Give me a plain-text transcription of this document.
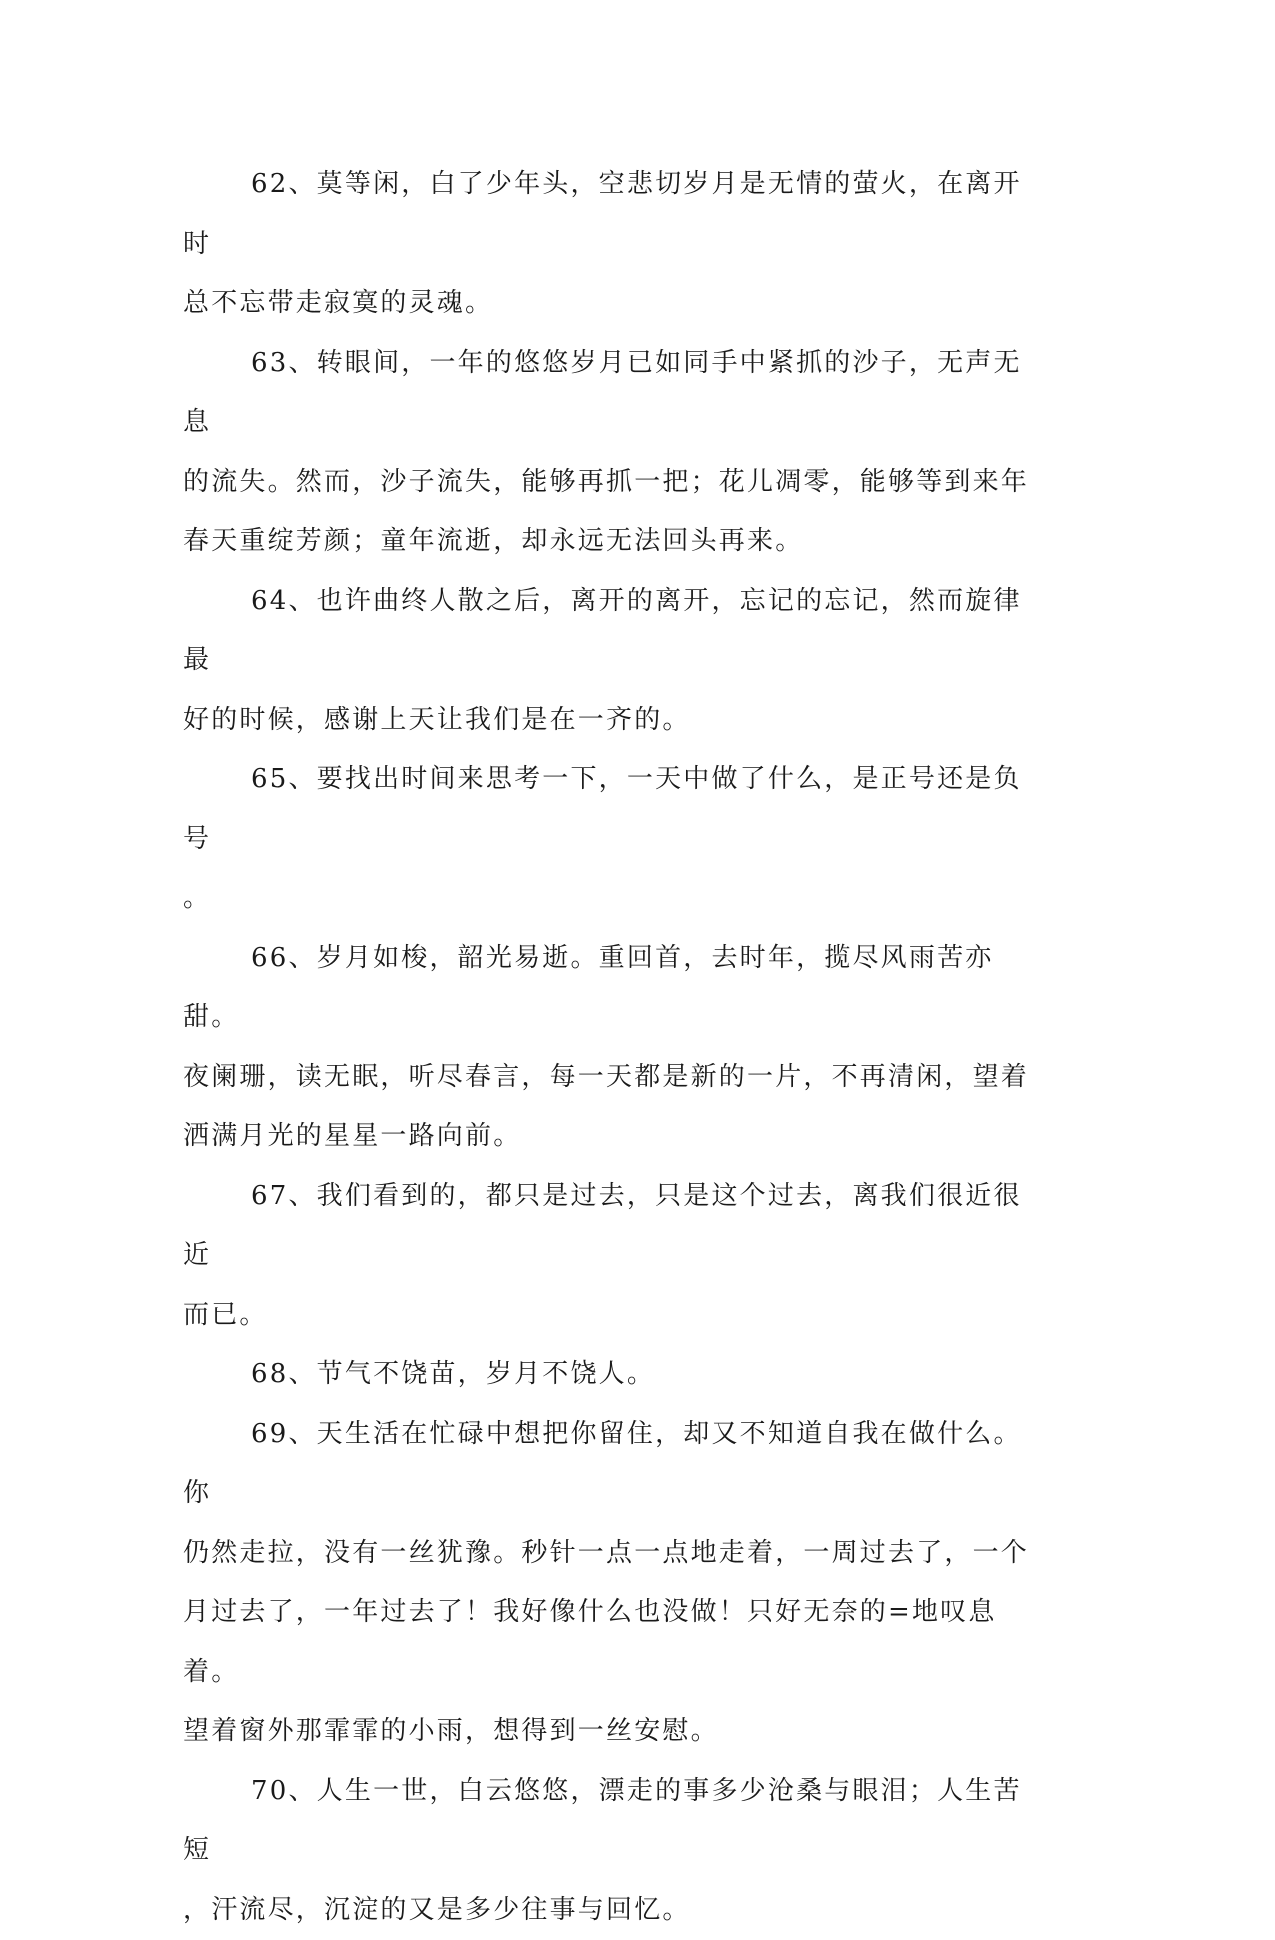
62、莫等闲，白了少年头，空悲切岁月是无情的萤火，在离开时
总不忘带走寂寞的灵魂。

63、转眼间，一年的悠悠岁月已如同手中紧抓的沙子，无声无息
的流失。然而，沙子流失，能够再抓一把；花儿凋零，能够等到来年
春天重绽芳颜；童年流逝，却永远无法回头再来。

64、也许曲终人散之后，离开的离开，忘记的忘记，然而旋律最
好的时候，感谢上天让我们是在一齐的。

65、要找出时间来思考一下，一天中做了什么，是正号还是负号
。

66、岁月如梭，韶光易逝。重回首，去时年，揽尽风雨苦亦甜。
夜阑珊，读无眠，听尽春言，每一天都是新的一片，不再清闲，望着
洒满月光的星星一路向前。

67、我们看到的，都只是过去，只是这个过去，离我们很近很近
而已。

68、节气不饶苗，岁月不饶人。

69、天生活在忙碌中想把你留住，却又不知道自我在做什么。你
仍然走拉，没有一丝犹豫。秒针一点一点地走着，一周过去了，一个
月过去了，一年过去了！我好像什么也没做！只好无奈的=地叹息着。
望着窗外那霏霏的小雨，想得到一丝安慰。

70、人生一世，白云悠悠，漂走的事多少沧桑与眼泪；人生苦短
，汗流尽，沉淀的又是多少往事与回忆。
